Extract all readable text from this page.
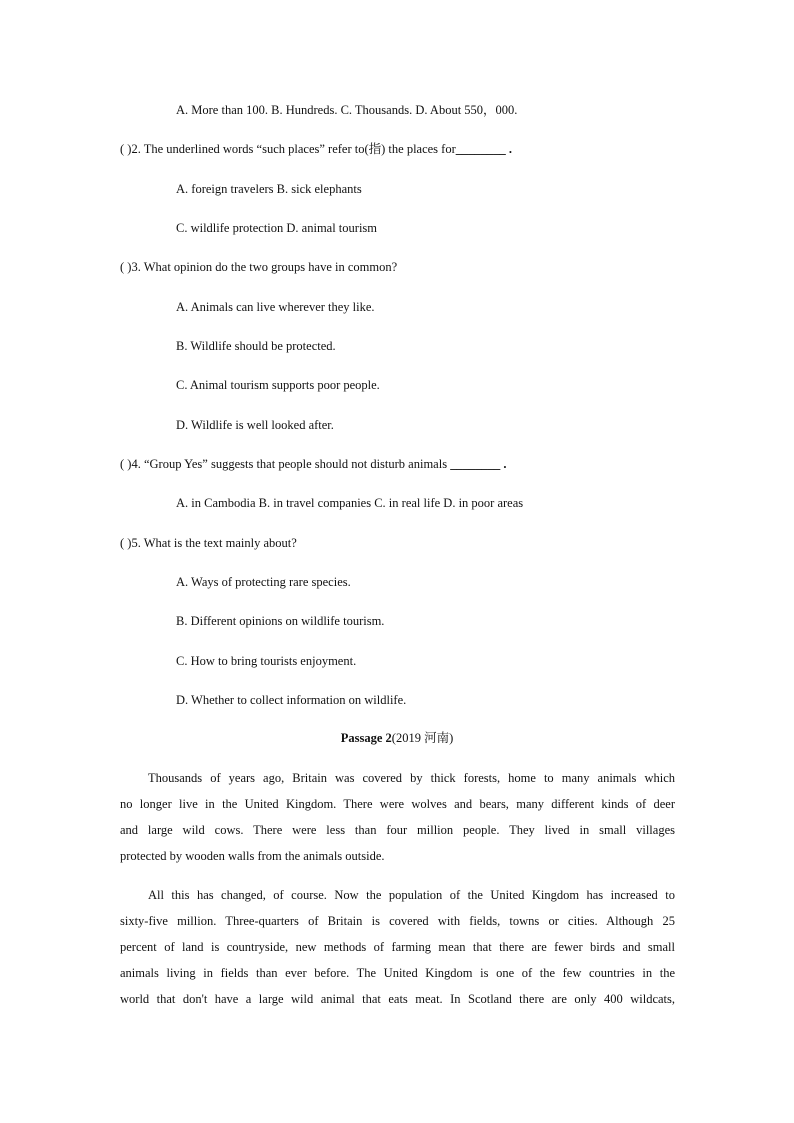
A. More than 100. B. Hundreds. C. Thousands. D. About 550，000.
( )2. The underlined words “such places” refer to(指) the places for________ .
A. foreign travelers B. sick elephants
C. wildlife protection D. animal tourism
( )3. What opinion do the two groups have in common?
A. Animals can live wherever they like.
B. Wildlife should be protected.
C. Animal tourism supports poor people.
D. Wildlife is well looked after.
( )4. “Group Yes” suggests that people should not disturb animals ________ .
A. in Cambodia B. in travel companies C. in real life D. in poor areas
( )5. What is the text mainly about?
A. Ways of protecting rare species.
B. Different opinions on wildlife tourism.
C. How to bring tourists enjoyment.
D. Whether to collect information on wildlife.
Passage 2(2019 河南)
Thousands of years ago, Britain was covered by thick forests, home to many animals which
no longer live in the United Kingdom. There were wolves and bears, many different kinds of deer
and large wild cows. There were less than four million people. They lived in small villages
protected by wooden walls from the animals outside.
All this has changed, of course. Now the population of the United Kingdom has increased to
sixty-five million. Three-quarters of Britain is covered with fields, towns or cities. Although 25
percent of land is countryside, new methods of farming mean that there are fewer birds and small
animals living in fields than ever before. The United Kingdom is one of the few countries in the
world that don't have a large wild animal that eats meat. In Scotland there are only 400 wildcats,
